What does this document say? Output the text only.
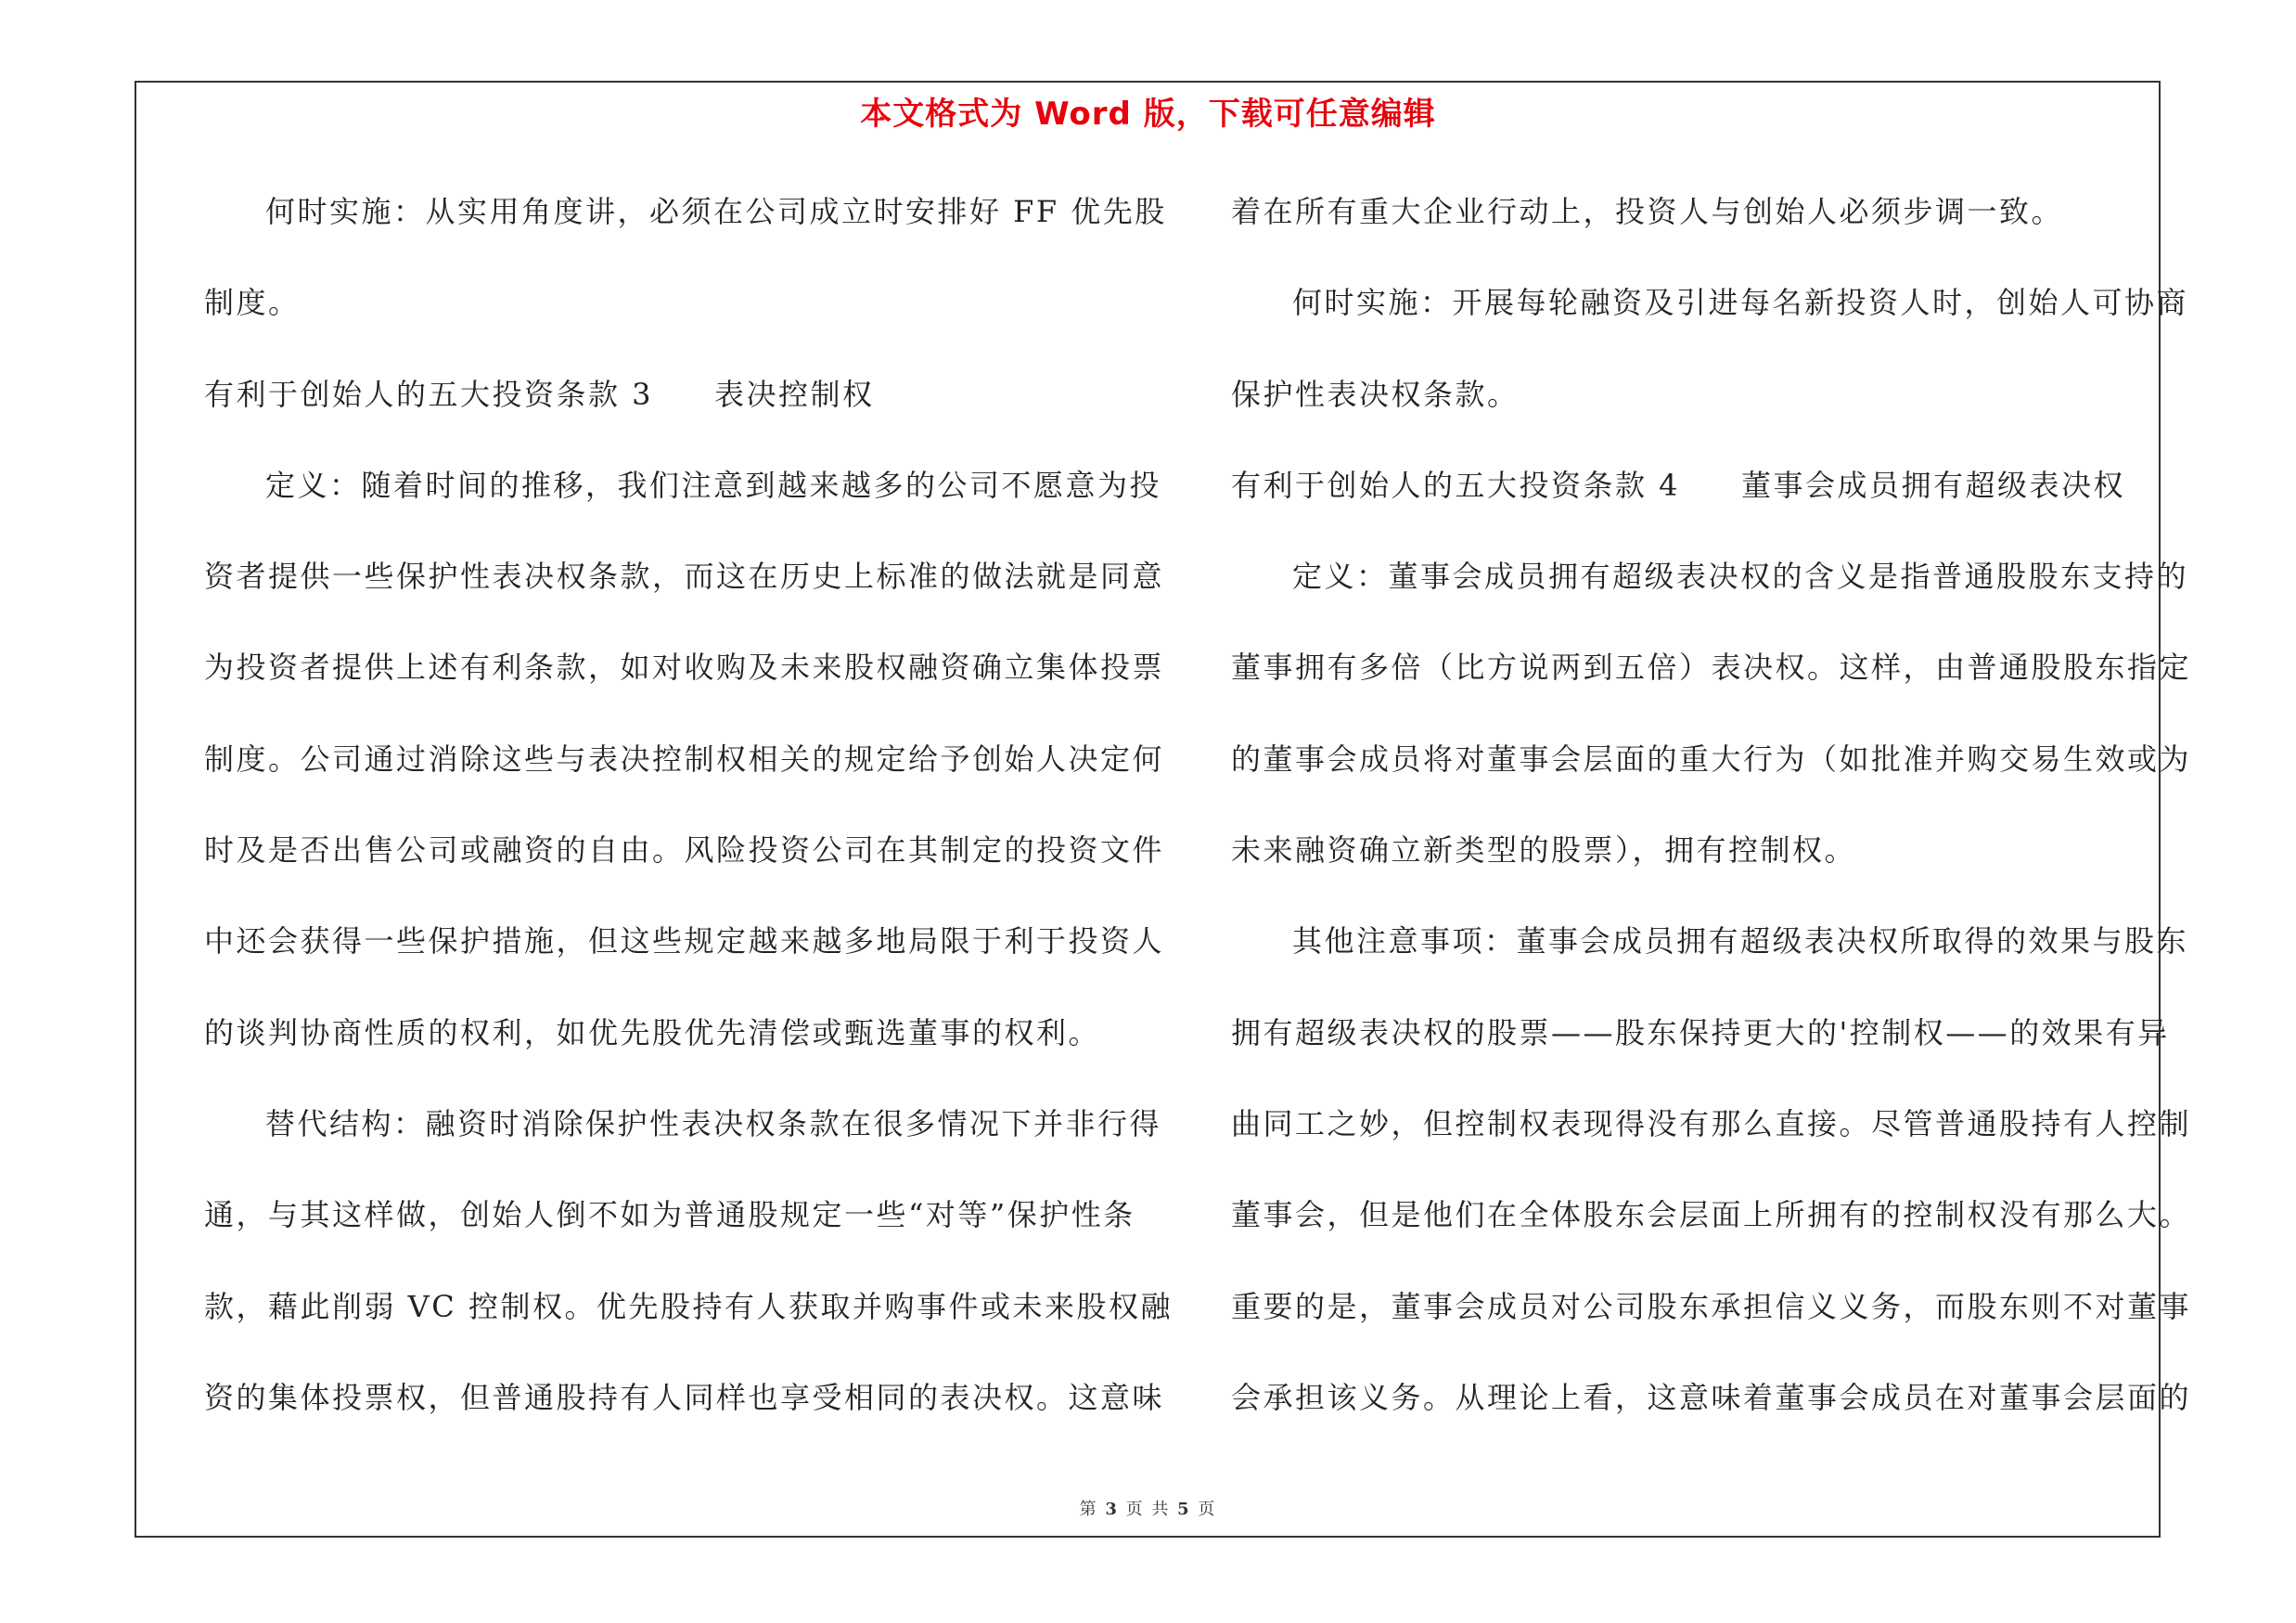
本文格式为 Word 版，下载可任意编辑
何时实施：从实用角度讲，必须在公司成立时安排好 FF 优先股
制度。
有利于创始人的五大投资条款 3 表决控制权
定义：随着时间的推移，我们注意到越来越多的公司不愿意为投
资者提供一些保护性表决权条款，而这在历史上标准的做法就是同意
为投资者提供上述有利条款，如对收购及未来股权融资确立集体投票
制度。公司通过消除这些与表决控制权相关的规定给予创始人决定何
时及是否出售公司或融资的自由。风险投资公司在其制定的投资文件
中还会获得一些保护措施，但这些规定越来越多地局限于利于投资人
的谈判协商性质的权利，如优先股优先清偿或甄选董事的权利。
替代结构：融资时消除保护性表决权条款在很多情况下并非行得
通，与其这样做，创始人倒不如为普通股规定一些“对等”保护性条
款，藉此削弱 VC 控制权。优先股持有人获取并购事件或未来股权融
资的集体投票权，但普通股持有人同样也享受相同的表决权。这意味
着在所有重大企业行动上，投资人与创始人必须步调一致。
何时实施：开展每轮融资及引进每名新投资人时，创始人可协商
保护性表决权条款。
有利于创始人的五大投资条款 4 董事会成员拥有超级表决权
定义：董事会成员拥有超级表决权的含义是指普通股股东支持的
董事拥有多倍（比方说两到五倍）表决权。这样，由普通股股东指定
的董事会成员将对董事会层面的重大行为（如批准并购交易生效或为
未来融资确立新类型的股票），拥有控制权。
其他注意事项：董事会成员拥有超级表决权所取得的效果与股东
拥有超级表决权的股票——股东保持更大的'控制权——的效果有异
曲同工之妙，但控制权表现得没有那么直接。尽管普通股持有人控制
董事会，但是他们在全体股东会层面上所拥有的控制权没有那么大。
重要的是，董事会成员对公司股东承担信义义务，而股东则不对董事
会承担该义务。从理论上看，这意味着董事会成员在对董事会层面的
第 3 页 共 5 页
